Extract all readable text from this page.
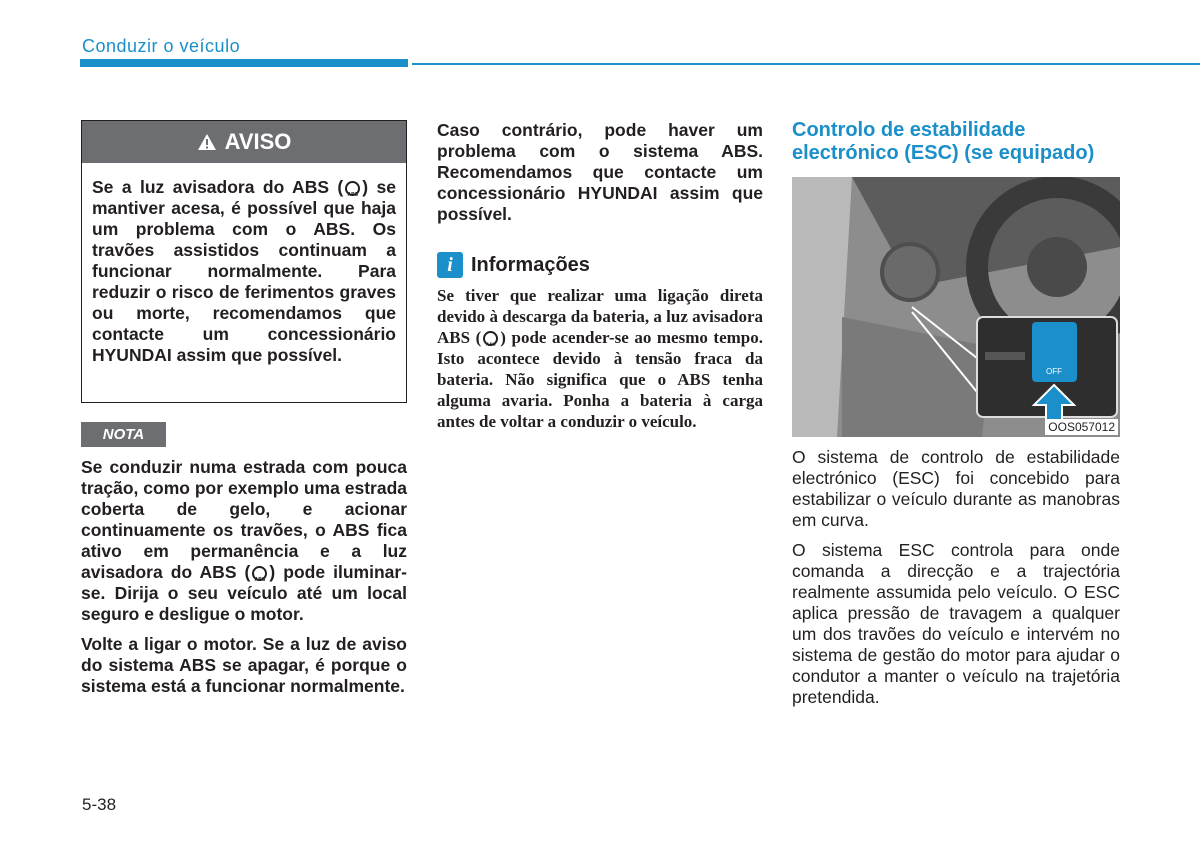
Conduzir o veículo
AVISO
Se a luz avisadora do ABS ( ABS ) se mantiver acesa, é possível que haja um problema com o ABS. Os travões assistidos continuam a funcionar normalmente. Para reduzir o risco de ferimentos graves ou morte, recomendamos que contacte um concessionário HYUNDAI assim que possível.
NOTA

Se conduzir numa estrada com pouca tração, como por exemplo uma estrada coberta de gelo, e acionar continuamente os travões, o ABS fica ativo em permanência e a luz avisadora do ABS ( ABS ) pode iluminar-se. Dirija o seu veículo até um local seguro e desligue o motor.

Volte a ligar o motor. Se a luz de aviso do sistema ABS se apagar, é porque o sistema está a funcionar normalmente.

Caso contrário, pode haver um problema com o sistema ABS. Recomendamos que contacte um concessionário HYUNDAI assim que possível.

i Informações
Se tiver que realizar uma ligação direta devido à descarga da bateria, a luz avisadora ABS ( ABS ) pode acender-se ao mesmo tempo. Isto acontece devido à tensão fraca da bateria. Não significa que o ABS tenha alguma avaria. Ponha a bateria à carga antes de voltar a conduzir o veículo.
Controlo de estabilidade electrónico (ESC) (se equipado)
OFF
OOS057012

O sistema de controlo de estabilidade electrónico (ESC) foi concebido para estabilizar o veículo durante as manobras em curva.

O sistema ESC controla para onde comanda a direcção e a trajectória realmente assumida pelo veículo. O ESC aplica pressão de travagem a qualquer um dos travões do veículo e intervém no sistema de gestão do motor para ajudar o condutor a manter o veículo na trajetória pretendida.

5-38
